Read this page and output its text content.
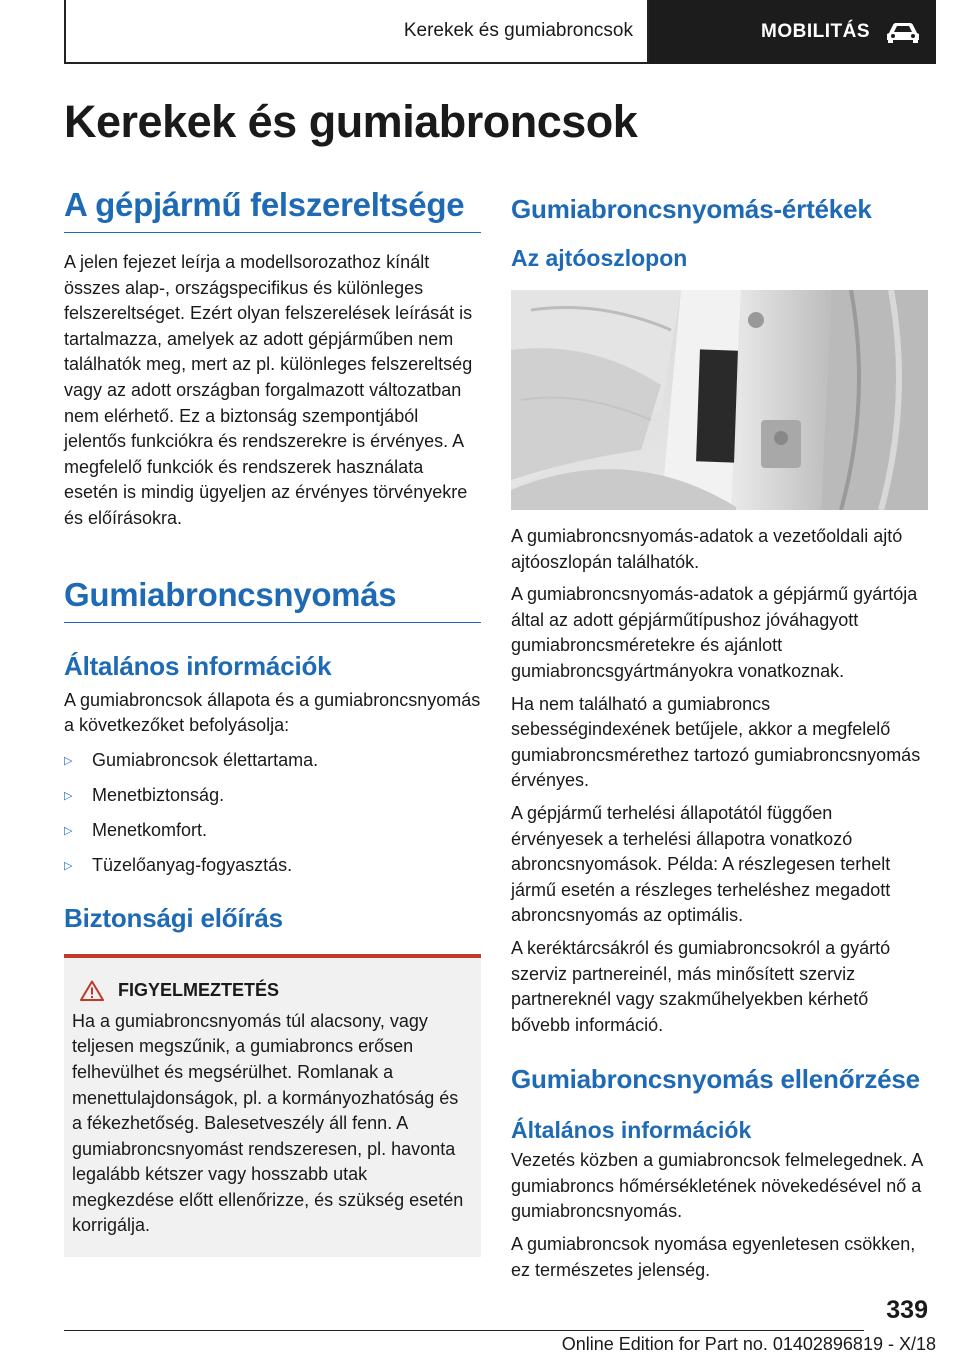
Kerekek és gumiabroncsok	MOBILITÁS
Kerekek és gumiabroncsok
A gépjármű felszereltsége

A jelen fejezet leírja a modellsorozathoz kínált összes alap-, országspecifikus és különleges felszereltséget. Ezért olyan felszerelések leírását is tartalmazza, amelyek az adott gépjárműben nem találhatók meg, mert az pl. különleges felszereltség vagy az adott országban forgalmazott változatban nem elérhető. Ez a biztonság szempontjából jelentős funkciókra és rendszerekre is érvényes. A megfelelő funkciók és rendszerek használata esetén is mindig ügyeljen az érvényes törvényekre és előírásokra.

Gumiabroncsnyomás
Általános információk

A gumiabroncsok állapota és a gumiabroncsnyomás a következőket befolyásolja:

▷	Gumiabroncsok élettartama.
▷	Menetbiztonság.
▷	Menetkomfort.
▷	Tüzelőanyag-fogyasztás.
Biztonsági előírás
FIGYELMEZTETÉS

Ha a gumiabroncsnyomás túl alacsony, vagy teljesen megszűnik, a gumiabroncs erősen felhevülhet és megsérülhet. Romlanak a menettulajdonságok, pl. a kormányozhatóság és a fékezhetőség. Balesetveszély áll fenn. A gumiabroncsnyomást rendszeresen, pl. havonta legalább kétszer vagy hosszabb utak megkezdése előtt ellenőrizze, és szükség esetén korrigálja.

Gumiabroncsnyomás-értékek
Az ajtóoszlopon

A gumiabroncsnyomás-adatok a vezetőoldali ajtó ajtóoszlopán találhatók.

A gumiabroncsnyomás-adatok a gépjármű gyártója által az adott gépjárműtípushoz jóváhagyott gumiabroncsméretekre és ajánlott gumiabroncsgyártmányokra vonatkoznak.

Ha nem található a gumiabroncs sebességindexének betűjele, akkor a megfelelő gumiabroncsmérethez tartozó gumiabroncsnyomás érvényes.

A gépjármű terhelési állapotától függően érvényesek a terhelési állapotra vonatkozó abroncsnyomások. Példa: A részlegesen terhelt jármű esetén a részleges terheléshez megadott abroncsnyomás az optimális.

A keréktárcsákról és gumiabroncsokról a gyártó szerviz partnereinél, más minősített szerviz partnereknél vagy szakműhelyekben kérhető bővebb információ.

Gumiabroncsnyomás ellenőrzése
Általános információk

Vezetés közben a gumiabroncsok felmelegednek. A gumiabroncs hőmérsékletének növekedésével nő a gumiabroncsnyomás.

A gumiabroncsok nyomása egyenletesen csökken, ez természetes jelenség.

339
Online Edition for Part no. 01402896819 - X/18
